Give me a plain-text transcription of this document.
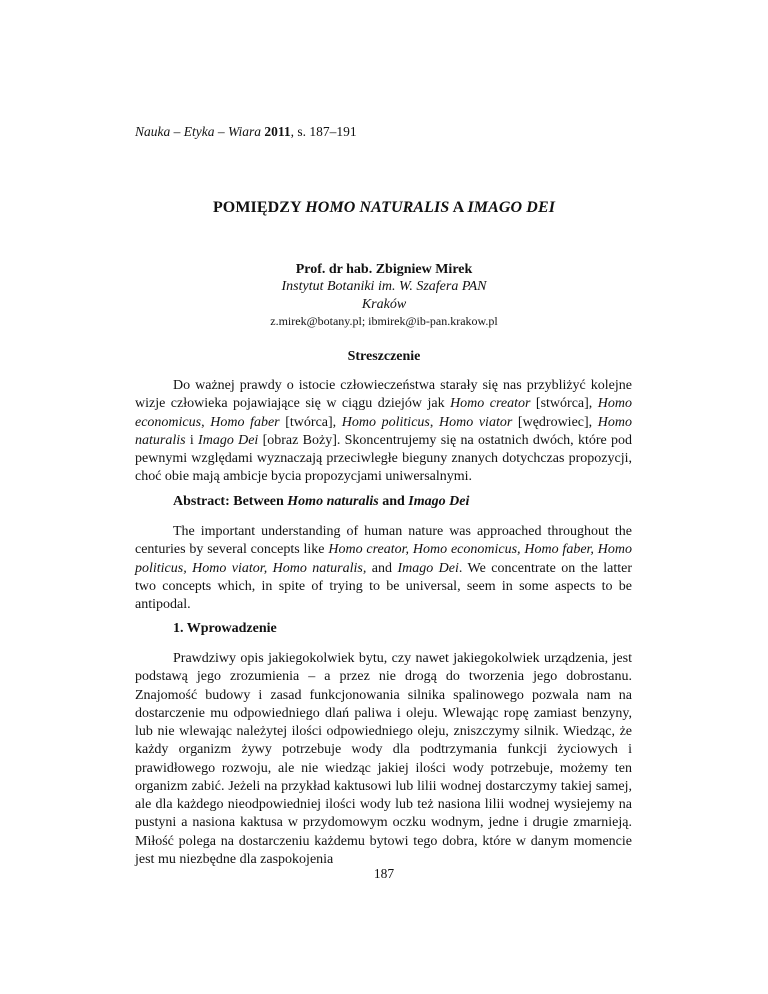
Nauka – Etyka – Wiara 2011, s. 187–191
POMIĘDZY HOMO NATURALIS A IMAGO DEI
Prof. dr hab. Zbigniew Mirek
Instytut Botaniki im. W. Szafera PAN
Kraków
z.mirek@botany.pl; ibmirek@ib-pan.krakow.pl
Streszczenie
Do ważnej prawdy o istocie człowieczeństwa starały się nas przybliżyć kolejne wizje człowieka pojawiające się w ciągu dziejów jak Homo creator [stwórca], Homo economicus, Homo faber [twórca], Homo politicus, Homo viator [wędrowiec], Homo naturalis i Imago Dei [obraz Boży]. Skoncentrujemy się na ostatnich dwóch, które pod pewnymi względami wyznaczają przeciwległe bieguny znanych dotychczas propozycji, choć obie mają ambicje bycia propozycjami uniwersalnymi.
Abstract: Between Homo naturalis and Imago Dei
The important understanding of human nature was approached throughout the centuries by several concepts like Homo creator, Homo economicus, Homo faber, Homo politicus, Homo viator, Homo naturalis, and Imago Dei. We concentrate on the latter two concepts which, in spite of trying to be universal, seem in some aspects to be antipodal.
1. Wprowadzenie
Prawdziwy opis jakiegokolwiek bytu, czy nawet jakiegokolwiek urządzenia, jest podstawą jego zrozumienia – a przez nie drogą do tworzenia jego dobrostanu. Znajomość budowy i zasad funkcjonowania silnika spalinowego pozwala nam na dostarczenie mu odpowiedniego dlań paliwa i oleju. Wlewając ropę zamiast benzyny, lub nie wlewając należytej ilości odpowiedniego oleju, zniszczymy silnik. Wiedząc, że każdy organizm żywy potrzebuje wody dla podtrzymania funkcji życiowych i prawidłowego rozwoju, ale nie wiedząc jakiej ilości wody potrzebuje, możemy ten organizm zabić. Jeżeli na przykład kaktusowi lub lilii wodnej dostarczymy takiej samej, ale dla każdego nieodpowiedniej ilości wody lub też nasiona lilii wodnej wysiejemy na pustyni a nasiona kaktusa w przydomowym oczku wodnym, jedne i drugie zmarnieją. Miłość polega na dostarczeniu każdemu bytowi tego dobra, które w danym momencie jest mu niezbędne dla zaspokojenia
187
